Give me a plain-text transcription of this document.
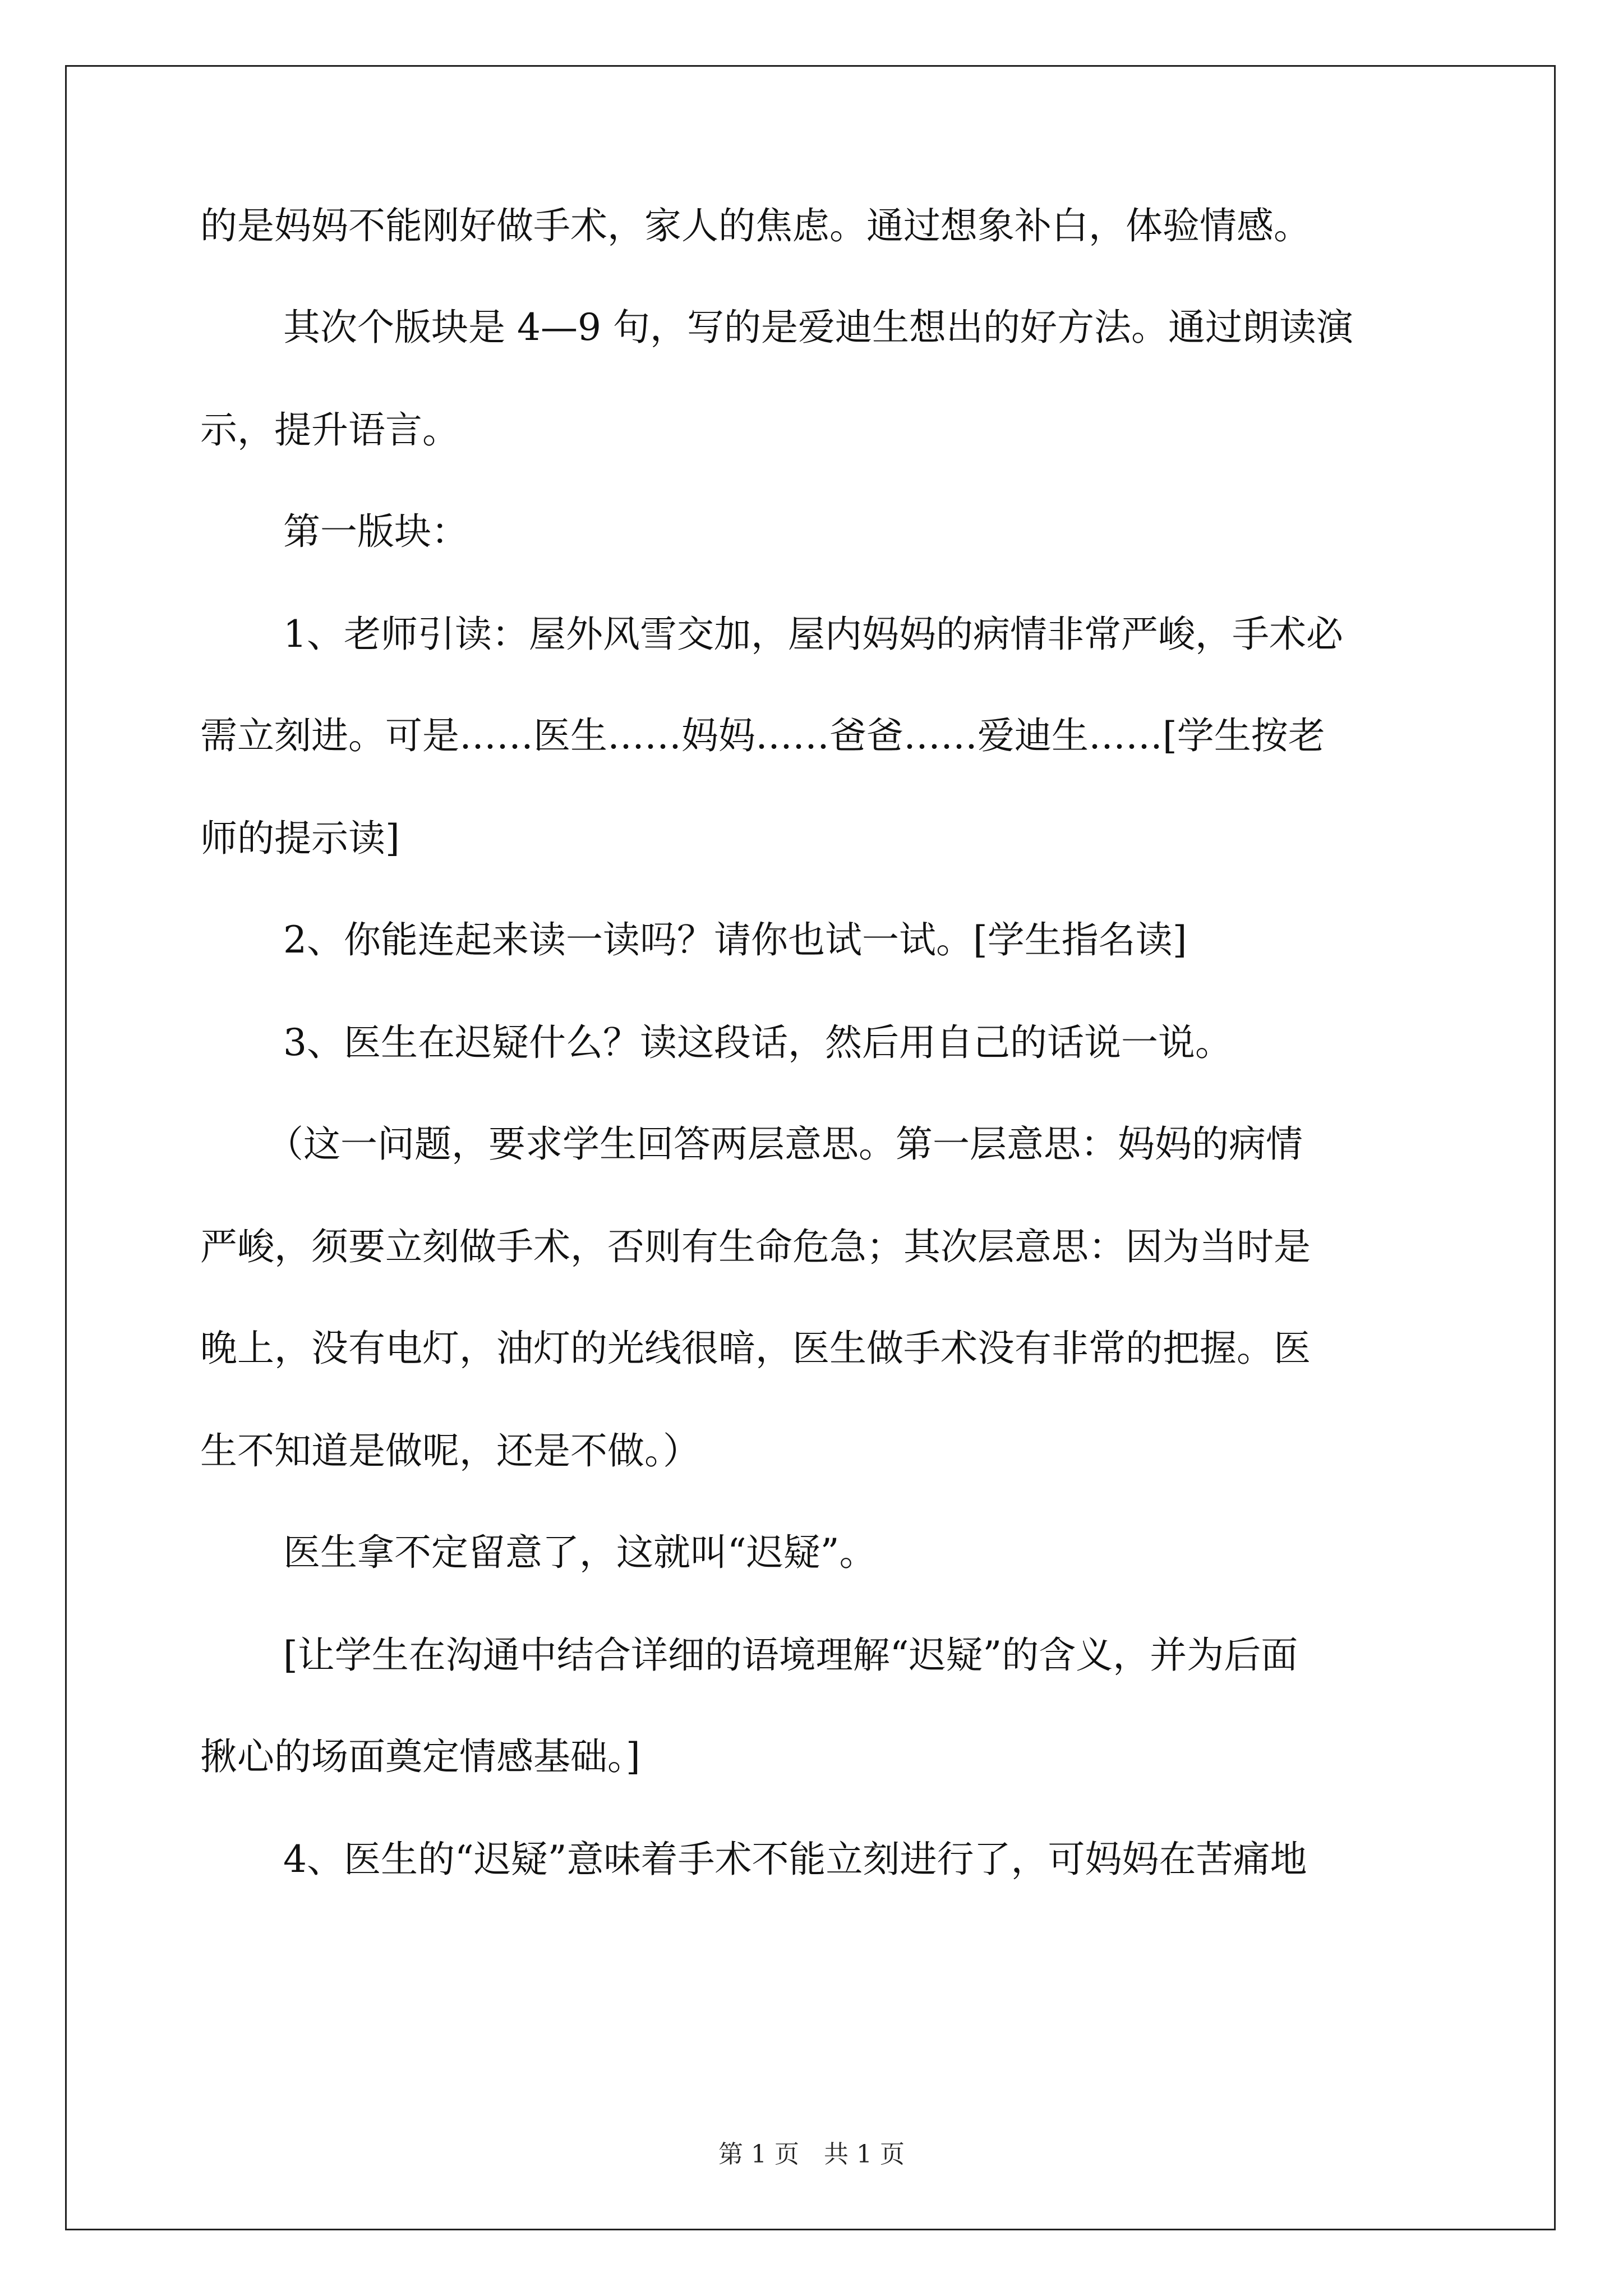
的是妈妈不能刚好做手术，家人的焦虑。通过想象补白，体验情感。
其次个版块是 4—9 句，写的是爱迪生想出的好方法。通过朗读演
示，提升语言。
第一版块：
1、老师引读：屋外风雪交加，屋内妈妈的病情非常严峻，手术必
需立刻进。可是……医生……妈妈……爸爸……爱迪生……[学生按老
师的提示读]
2、你能连起来读一读吗？请你也试一试。[学生指名读]
3、医生在迟疑什么？读这段话，然后用自己的话说一说。
（这一问题，要求学生回答两层意思。第一层意思：妈妈的病情
严峻，须要立刻做手术，否则有生命危急；其次层意思：因为当时是
晚上，没有电灯，油灯的光线很暗，医生做手术没有非常的把握。医
生不知道是做呢，还是不做。）
医生拿不定留意了，这就叫“迟疑”。
[让学生在沟通中结合详细的语境理解“迟疑”的含义，并为后面
揪心的场面奠定情感基础。]
4、医生的“迟疑”意味着手术不能立刻进行了，可妈妈在苦痛地
第 1 页　共 1 页
